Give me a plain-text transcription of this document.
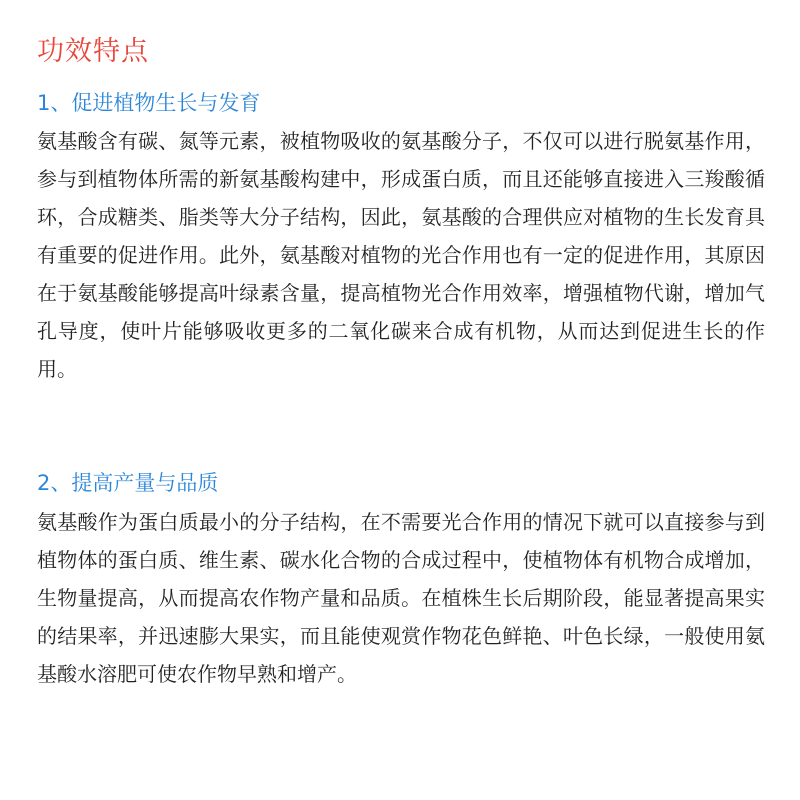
功效特点
1、促进植物生长与发育

氨基酸含有碳、氮等元素，被植物吸收的氨基酸分子，不仅可以进行脱氨基作用，参与到植物体所需的新氨基酸构建中，形成蛋白质，而且还能够直接进入三羧酸循环，合成糖类、脂类等大分子结构，因此，氨基酸的合理供应对植物的生长发育具有重要的促进作用。此外，氨基酸对植物的光合作用也有一定的促进作用，其原因在于氨基酸能够提高叶绿素含量，提高植物光合作用效率，增强植物代谢，增加气孔导度，使叶片能够吸收更多的二氧化碳来合成有机物，从而达到促进生长的作用。

2、提高产量与品质

氨基酸作为蛋白质最小的分子结构，在不需要光合作用的情况下就可以直接参与到植物体的蛋白质、维生素、碳水化合物的合成过程中，使植物体有机物合成增加，生物量提高，从而提高农作物产量和品质。在植株生长后期阶段，能显著提高果实的结果率，并迅速膨大果实，而且能使观赏作物花色鲜艳、叶色长绿，一般使用氨基酸水溶肥可使农作物早熟和增产。
